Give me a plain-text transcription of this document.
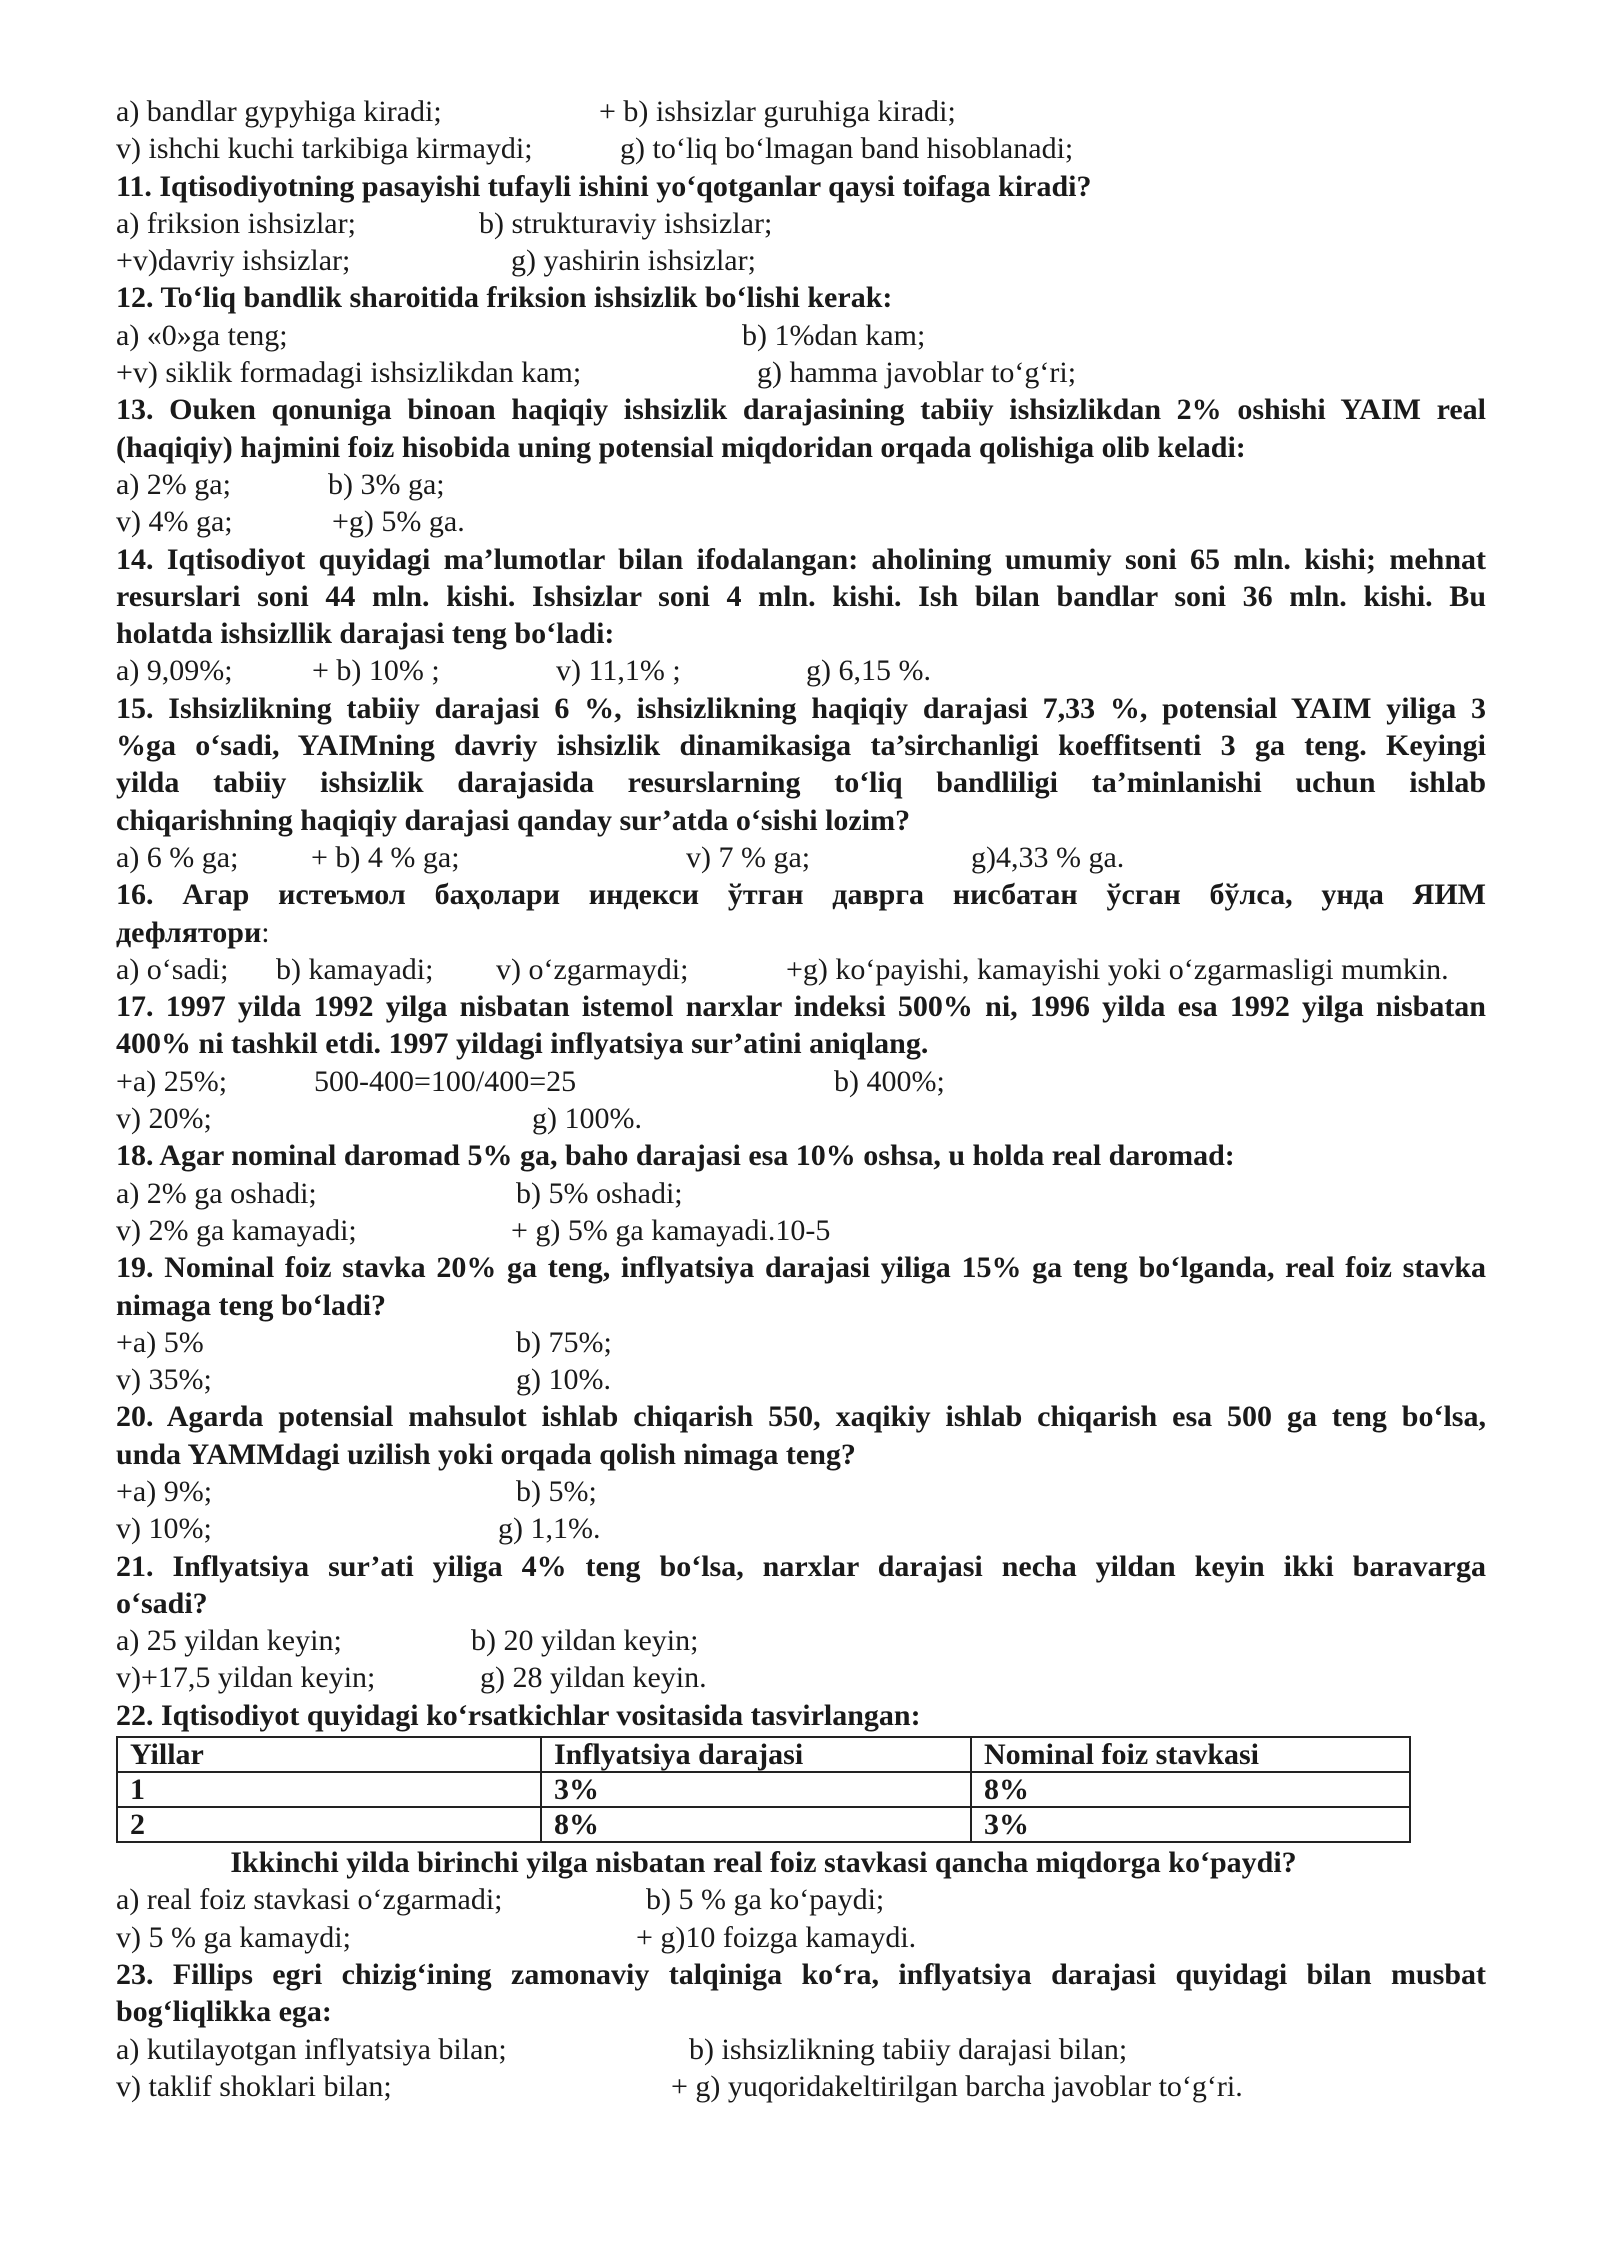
a) bandlar gypyhiga kiradi;	+ b) ishsizlar guruhiga kiradi;
v) ishchi kuchi tarkibiga kirmaydi;	g) to‘liq bo‘lmagan band hisoblanadi;
11. Iqtisodiyotning pasayishi tufayli ishini yo‘qotganlar qaysi toifaga kiradi?
a) friksion ishsizlar;	b) strukturaviy ishsizlar;
+v)davriy ishsizlar;	g) yashirin ishsizlar;
12. To‘liq bandlik sharoitida friksion ishsizlik bo‘lishi kerak:
a) «0»ga teng;	b) 1%dan kam;
+v) siklik formadagi ishsizlikdan kam;	g) hamma javoblar to‘g‘ri;
13. Ouken qonuniga binoan haqiqiy ishsizlik darajasining tabiiy ishsizlikdan 2% oshishi YAIM real
(haqiqiy) hajmini foiz hisobida uning potensial miqdoridan orqada qolishiga olib keladi:
a) 2% ga;	b) 3% ga;
v) 4% ga;	+g) 5% ga.
14. Iqtisodiyot quyidagi ma’lumotlar bilan ifodalangan: aholining umumiy soni 65 mln. kishi; mehnat
resurslari soni 44 mln. kishi. Ishsizlar soni 4 mln. kishi. Ish bilan bandlar soni 36 mln. kishi. Bu
holatda ishsizllik darajasi teng bo‘ladi:
a) 9,09%;	+ b) 10% ;	v) 11,1% ;	g) 6,15 %.
15. Ishsizlikning tabiiy darajasi 6 %, ishsizlikning haqiqiy darajasi 7,33 %, potensial YAIM yiliga 3
%ga o‘sadi, YAIMning davriy ishsizlik dinamikasiga ta’sirchanligi koeffitsenti 3 ga teng. Keyingi
yilda tabiiy ishsizlik darajasida resurslarning to‘liq bandliligi ta’minlanishi uchun ishlab
chiqarishning haqiqiy darajasi qanday sur’atda o‘sishi lozim?
a) 6 % ga; + b) 4 % ga;	v) 7 % ga;	g)4,33 % ga.
16. Агар истеъмол баҳолари индекси ўтган даврга нисбатан ўсган бўлса, унда ЯИМ
дефлятори:
a) o‘sadi; b) kamayadi; v) o‘zgarmaydi;	+g) ko‘payishi, kamayishi yoki o‘zgarmasligi mumkin.
17. 1997 yilda 1992 yilga nisbatan istemol narxlar indeksi 500% ni, 1996 yilda esa 1992 yilga nisbatan
400% ni tashkil etdi. 1997 yildagi inflyatsiya sur’atini aniqlang.
+a) 25%;	500-400=100/400=25	b) 400%;
v) 20%;	g) 100%.
18. Agar nominal daromad 5% ga, baho darajasi esa 10% oshsa, u holda real daromad:
a) 2% ga oshadi;	b) 5% oshadi;
v) 2% ga kamayadi;	+ g) 5% ga kamayadi.10-5
19. Nominal foiz stavka 20% ga teng, inflyatsiya darajasi yiliga 15% ga teng bo‘lganda, real foiz stavka
nimaga teng bo‘ladi?
+a) 5%	b) 75%;
v) 35%;	g) 10%.
20. Agarda potensial mahsulot ishlab chiqarish 550, xaqikiy ishlab chiqarish esa 500 ga teng bo‘lsa,
unda YAMMdagi uzilish yoki orqada qolish nimaga teng?
+a) 9%;	b) 5%;
v) 10%;	g) 1,1%.
21. Inflyatsiya sur’ati yiliga 4% teng bo‘lsa, narxlar darajasi necha yildan keyin ikki baravarga
o‘sadi?
a) 25 yildan keyin;	b) 20 yildan keyin;
v)+17,5 yildan keyin;	g) 28 yildan keyin.
22. Iqtisodiyot quyidagi ko‘rsatkichlar vositasida tasvirlangan:
Yillar	Inflyatsiya darajasi	Nominal foiz stavkasi
1	3%	8%
2	8%	3%
Ikkinchi yilda birinchi yilga nisbatan real foiz stavkasi qancha miqdorga ko‘paydi?
a) real foiz stavkasi o‘zgarmadi;	b) 5 % ga ko‘paydi;
v) 5 % ga kamaydi;	+ g)10 foizga kamaydi.
23. Fillips egri chizig‘ining zamonaviy talqiniga ko‘ra, inflyatsiya darajasi quyidagi bilan musbat
bog‘liqlikka ega:
a) kutilayotgan inflyatsiya bilan;	b) ishsizlikning tabiiy darajasi bilan;
v) taklif shoklari bilan;	+ g) yuqoridakeltirilgan barcha javoblar to‘g‘ri.
